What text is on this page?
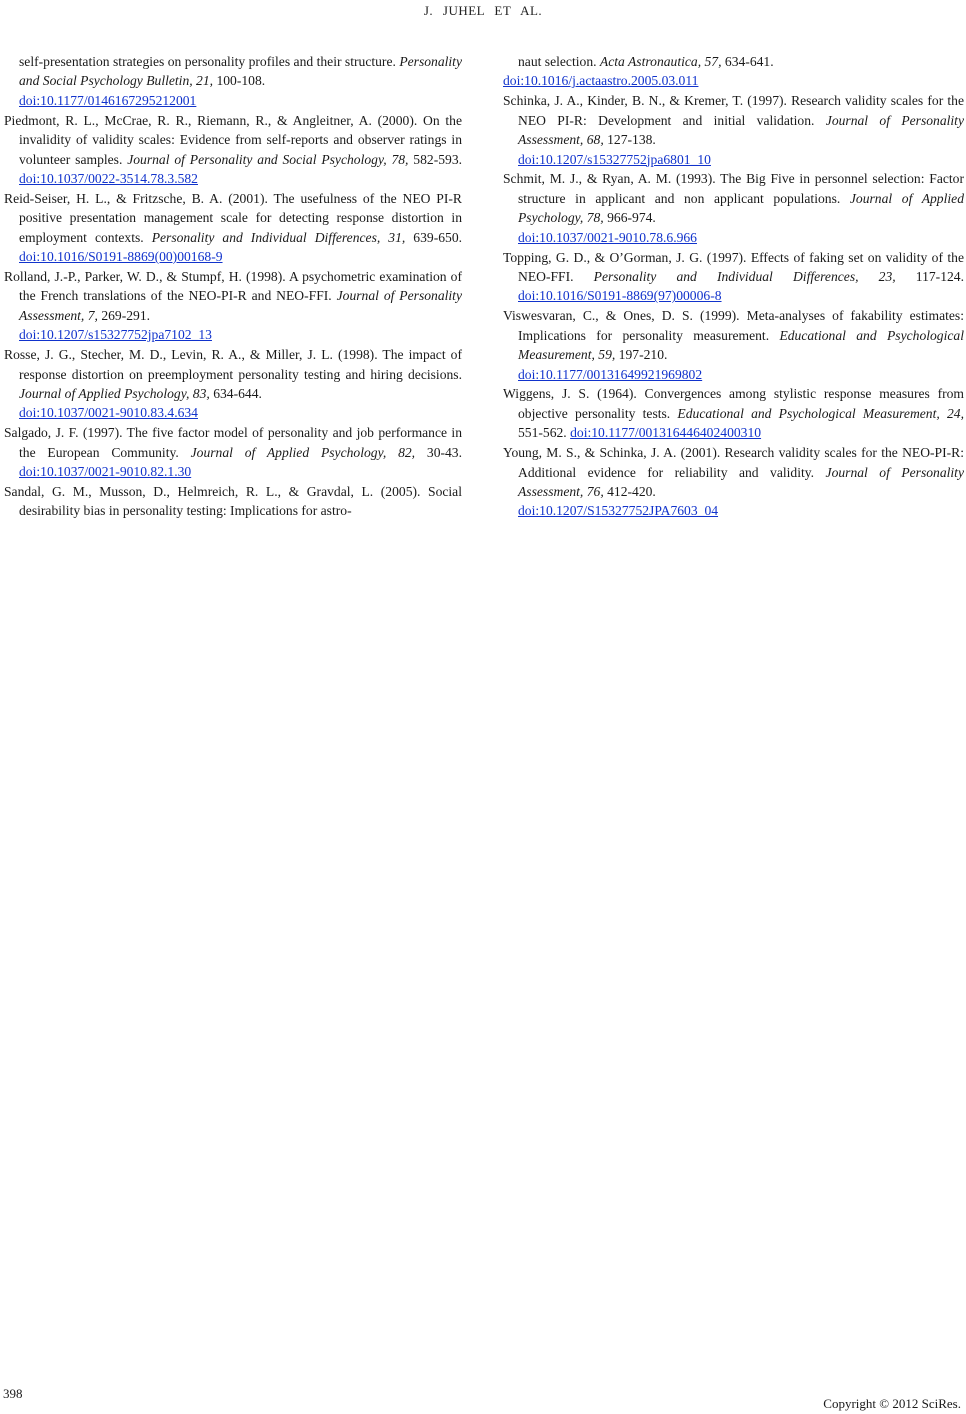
J. JUHEL ET AL.

self-presentation strategies on personality profiles and their structure. Personality and Social Psychology Bulletin, 21, 100-108.
doi:10.1177/0146167295212001

Piedmont, R. L., McCrae, R. R., Riemann, R., & Angleitner, A. (2000). On the invalidity of validity scales: Evidence from self-reports and observer ratings in volunteer samples. Journal of Personality and Social Psychology, 78, 582-593. doi:10.1037/0022-3514.78.3.582

Reid-Seiser, H. L., & Fritzsche, B. A. (2001). The usefulness of the NEO PI-R positive presentation management scale for detecting response distortion in employment contexts. Personality and Individual Differences, 31, 639-650. doi:10.1016/S0191-8869(00)00168-9

Rolland, J.-P., Parker, W. D., & Stumpf, H. (1998). A psychometric examination of the French translations of the NEO-PI-R and NEO-FFI. Journal of Personality Assessment, 7, 269-291.
doi:10.1207/s15327752jpa7102_13

Rosse, J. G., Stecher, M. D., Levin, R. A., & Miller, J. L. (1998). The impact of response distortion on preemployment personality testing and hiring decisions. Journal of Applied Psychology, 83, 634-644.
doi:10.1037/0021-9010.83.4.634

Salgado, J. F. (1997). The five factor model of personality and job performance in the European Community. Journal of Applied Psychology, 82, 30-43. doi:10.1037/0021-9010.82.1.30

Sandal, G. M., Musson, D., Helmreich, R. L., & Gravdal, L. (2005). Social desirability bias in personality testing: Implications for astro-

naut selection. Acta Astronautica, 57, 634-641.
doi:10.1016/j.actaastro.2005.03.011

Schinka, J. A., Kinder, B. N., & Kremer, T. (1997). Research validity scales for the NEO PI-R: Development and initial validation. Journal of Personality Assessment, 68, 127-138.
doi:10.1207/s15327752jpa6801_10

Schmit, M. J., & Ryan, A. M. (1993). The Big Five in personnel selection: Factor structure in applicant and non applicant populations. Journal of Applied Psychology, 78, 966-974.
doi:10.1037/0021-9010.78.6.966

Topping, G. D., & O’Gorman, J. G. (1997). Effects of faking set on validity of the NEO-FFI. Personality and Individual Differences, 23, 117-124. doi:10.1016/S0191-8869(97)00006-8

Viswesvaran, C., & Ones, D. S. (1999). Meta-analyses of fakability estimates: Implications for personality measurement. Educational and Psychological Measurement, 59, 197-210.
doi:10.1177/00131649921969802

Wiggens, J. S. (1964). Convergences among stylistic response measures from objective personality tests. Educational and Psychological Measurement, 24, 551-562. doi:10.1177/001316446402400310

Young, M. S., & Schinka, J. A. (2001). Research validity scales for the NEO-PI-R: Additional evidence for reliability and validity. Journal of Personality Assessment, 76, 412-420.
doi:10.1207/S15327752JPA7603_04

398
Copyright © 2012 SciRes.
